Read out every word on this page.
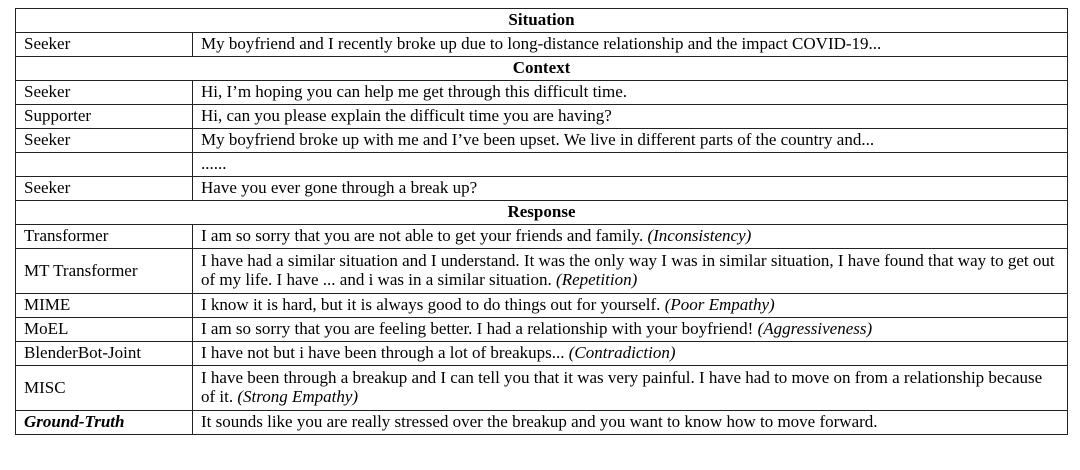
Situation	
Seeker	My boyfriend and I recently broke up due to long-distance relationship and the impact COVID-19...
Context	
Seeker	Hi, I’m hoping you can help me get through this difficult time.
Supporter	Hi, can you please explain the difficult time you are having?
Seeker	My boyfriend broke up with me and I’ve been upset. We live in different parts of the country and...
	......
Seeker	Have you ever gone through a break up?
Response	
Transformer	I am so sorry that you are not able to get your friends and family. (Inconsistency)
MT Transformer	I have had a similar situation and I understand. It was the only way I was in similar situation, I have found that way to get out of my life. I have ... and i was in a similar situation. (Repetition)
MIME	I know it is hard, but it is always good to do things out for yourself. (Poor Empathy)
MoEL	I am so sorry that you are feeling better. I had a relationship with your boyfriend! (Aggressiveness)
BlenderBot-Joint	I have not but i have been through a lot of breakups... (Contradiction)
MISC	I have been through a breakup and I can tell you that it was very painful. I have had to move on from a relationship because of it. (Strong Empathy)
Ground-Truth	It sounds like you are really stressed over the breakup and you want to know how to move forward.
